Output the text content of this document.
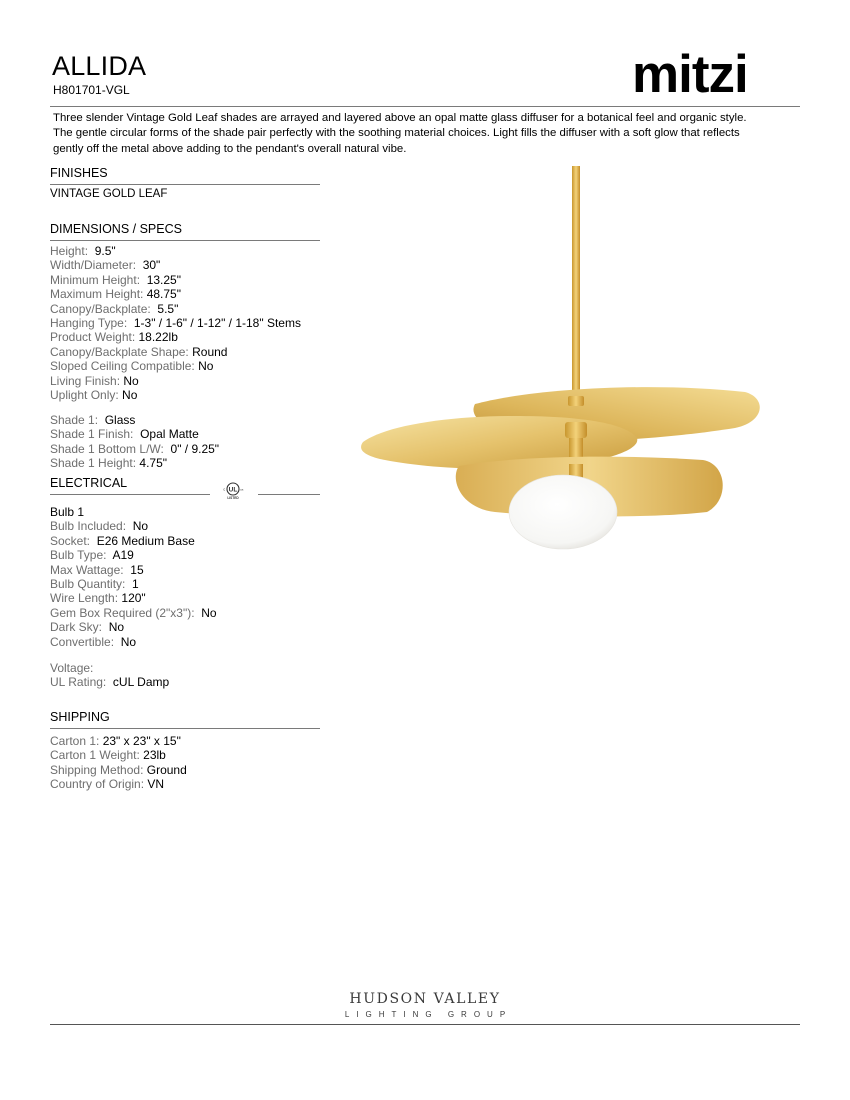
ALLIDA
H801701-VGL	mitzi
Three slender Vintage Gold Leaf shades are arrayed and layered above an opal matte glass diffuser for a botanical feel and organic style.
The gentle circular forms of the shade pair perfectly with the soothing material choices. Light fills the diffuser with a soft glow that reflects
gently off the metal above adding to the pendant's overall natural vibe.
FINISHES
VINTAGE GOLD LEAF
DIMENSIONS / SPECS
Height: 9.5"
Width/Diameter: 30"
Minimum Height: 13.25"
Maximum Height: 48.75"
Canopy/Backplate: 5.5"
Hanging Type: 1-3" / 1-6" / 1-12" / 1-18" Stems
Product Weight: 18.22lb
Canopy/Backplate Shape: Round
Sloped Ceiling Compatible: No
Living Finish: No
Uplight Only: No
Shade 1: Glass
Shade 1 Finish: Opal Matte
Shade 1 Bottom L/W: 0" / 9.25"
Shade 1 Height: 4.75"
ELECTRICAL	UL
c	us
LISTED
Bulb 1
Bulb Included: No
Socket: E26 Medium Base
Bulb Type: A19
Max Wattage: 15
Bulb Quantity: 1
Wire Length: 120"
Gem Box Required (2"x3"): No
Dark Sky: No
Convertible: No
Voltage:
UL Rating: cUL Damp
SHIPPING
Carton 1: 23" x 23" x 15"
Carton 1 Weight: 23lb
Shipping Method: Ground
Country of Origin: VN
HUDSON VALLEY
LIGHTING GROUP
